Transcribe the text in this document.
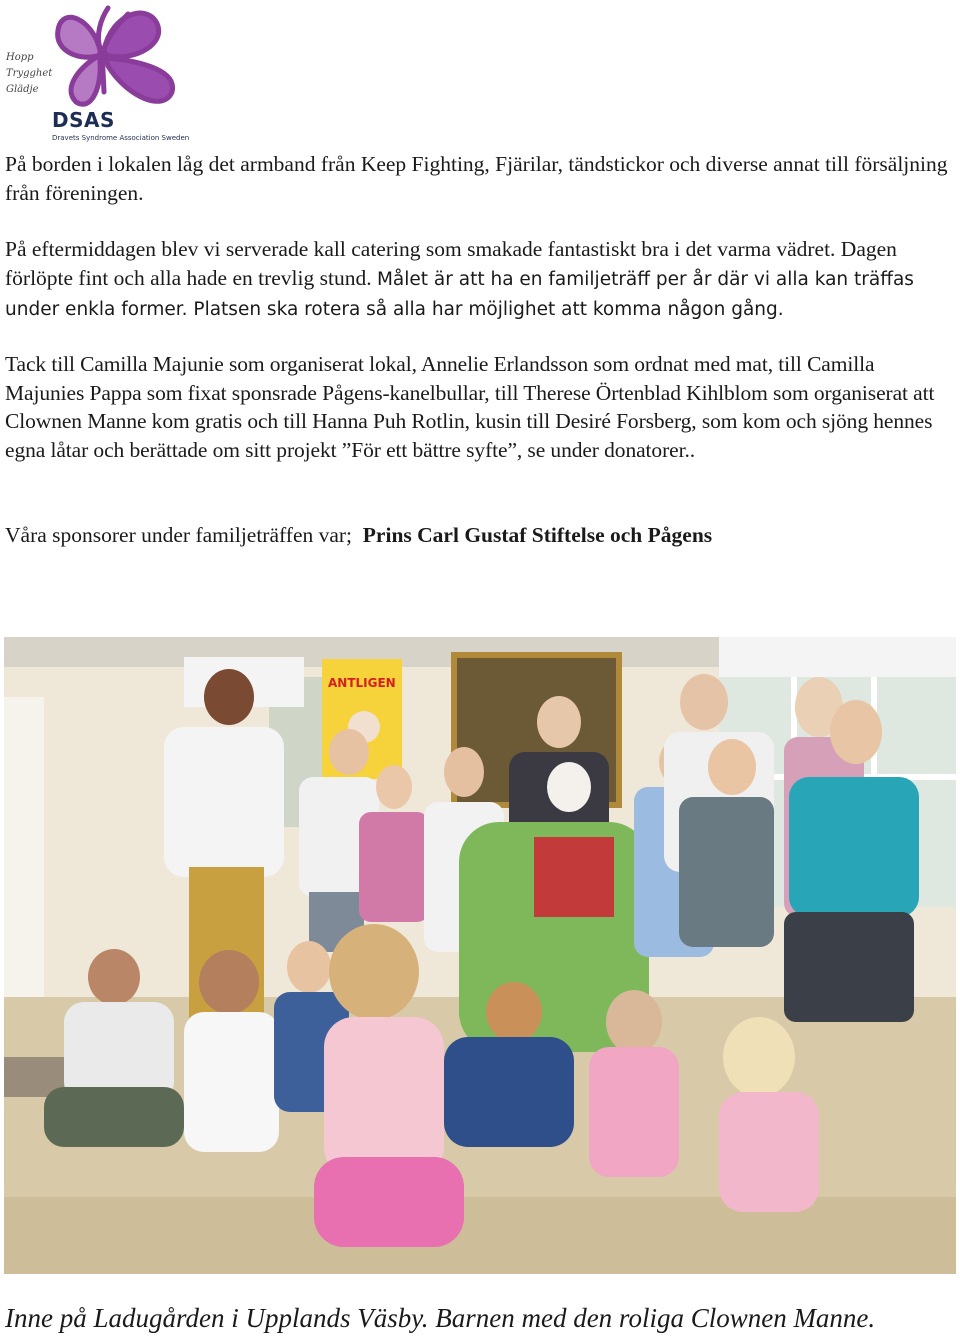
Hopp
Trygghet
Glädje
DSAS
Dravets Syndrome Association Sweden

På borden i lokalen låg det armband från Keep Fighting, Fjärilar, tändstickor och diverse annat till försäljning från föreningen.

På eftermiddagen blev vi serverade kall catering som smakade fantastiskt bra i det varma vädret. Dagen förlöpte fint och alla hade en trevlig stund. Målet är att ha en familjeträff per år där vi alla kan träffas under enkla former. Platsen ska rotera så alla har möjlighet att komma någon gång.

Tack till Camilla Majunie som organiserat lokal, Annelie Erlandsson som ordnat med mat, till Camilla Majunies Pappa som fixat sponsrade Pågens-kanelbullar, till Therese Örtenblad Kihlblom som organiserat att Clownen Manne kom gratis och till Hanna Puh Rotlin, kusin till Desiré Forsberg, som kom och sjöng hennes egna låtar och berättade om sitt projekt ”För ett bättre syfte”, se under donatorer..

Våra sponsorer under familjeträffen var; Prins Carl Gustaf Stiftelse och Pågens

ANTLIGEN
Inne på Ladugården i Upplands Väsby. Barnen med den roliga Clownen Manne.
